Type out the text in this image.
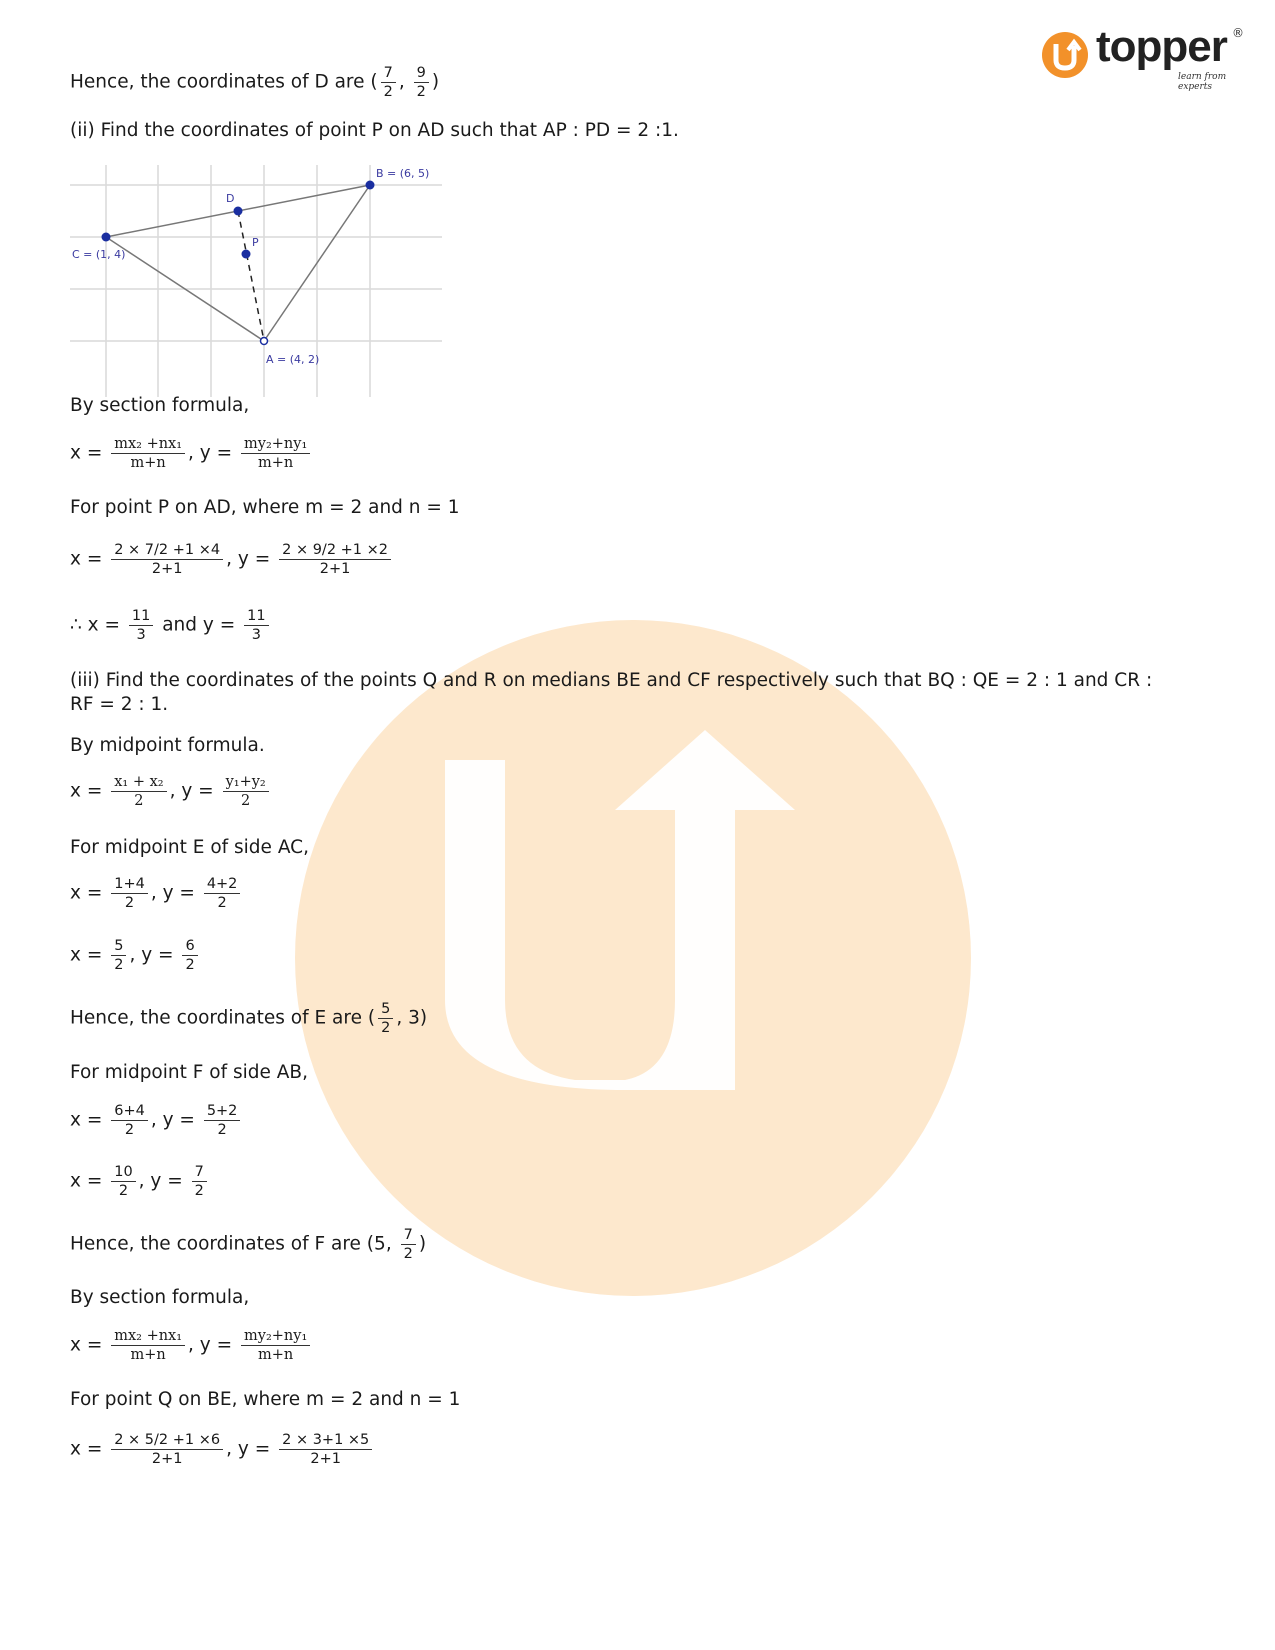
topper
learn from experts
®
Hence, the coordinates of D are ( $\frac{7}{2}$ , $\frac{9}{2}$ )
(ii) Find the coordinates of point P on AD such that AP : PD = 2 :1.
B = (6, 5)
D
P
C = (1, 4)
A = (4, 2)
By section formula,
$x = \frac{\text{mx₂ +nx₁}}{m+n}$ , $y = \frac{\text{my₂+ny₁}}{m+n}$
For point P on AD, where m = 2 and n = 1
$x = \frac{2 \times 7/2 +1 \times 4}{2+1}$ , $y = \frac{2 \times 9/2 +1 \times 2}{2+1}$
∴ $x = \frac{11}{3}$ and $y = \frac{11}{3}$
(iii) Find the coordinates of the points Q and R on medians BE and CF respectively such that BQ : QE = 2 : 1 and CR :
RF = 2 : 1.
By midpoint formula.
$x = \frac{\text{x₁ + x₂}}{2}$ , $y = \frac{\text{y₁+y₂}}{2}$
For midpoint E of side AC,
$x = \frac{1+4}{2}$ , $y = \frac{4+2}{2}$
$x = \frac{5}{2}$ , $y = \frac{6}{2}$
Hence, the coordinates of E are ( $\frac{5}{2}$ , 3)
For midpoint F of side AB,
$x = \frac{6+4}{2}$ , $y = \frac{5+2}{2}$
$x = \frac{10}{2}$ , $y = \frac{7}{2}$
Hence, the coordinates of F are (5, $\frac{7}{2}$ )
By section formula,
$x = \frac{\text{mx₂ +nx₁}}{m+n}$ , $y = \frac{\text{my₂+ny₁}}{m+n}$
For point Q on BE, where m = 2 and n = 1
$x = \frac{2 \times 5/2 +1 \times 6}{2+1}$ , $y = \frac{2 \times 3+1 \times 5}{2+1}$
